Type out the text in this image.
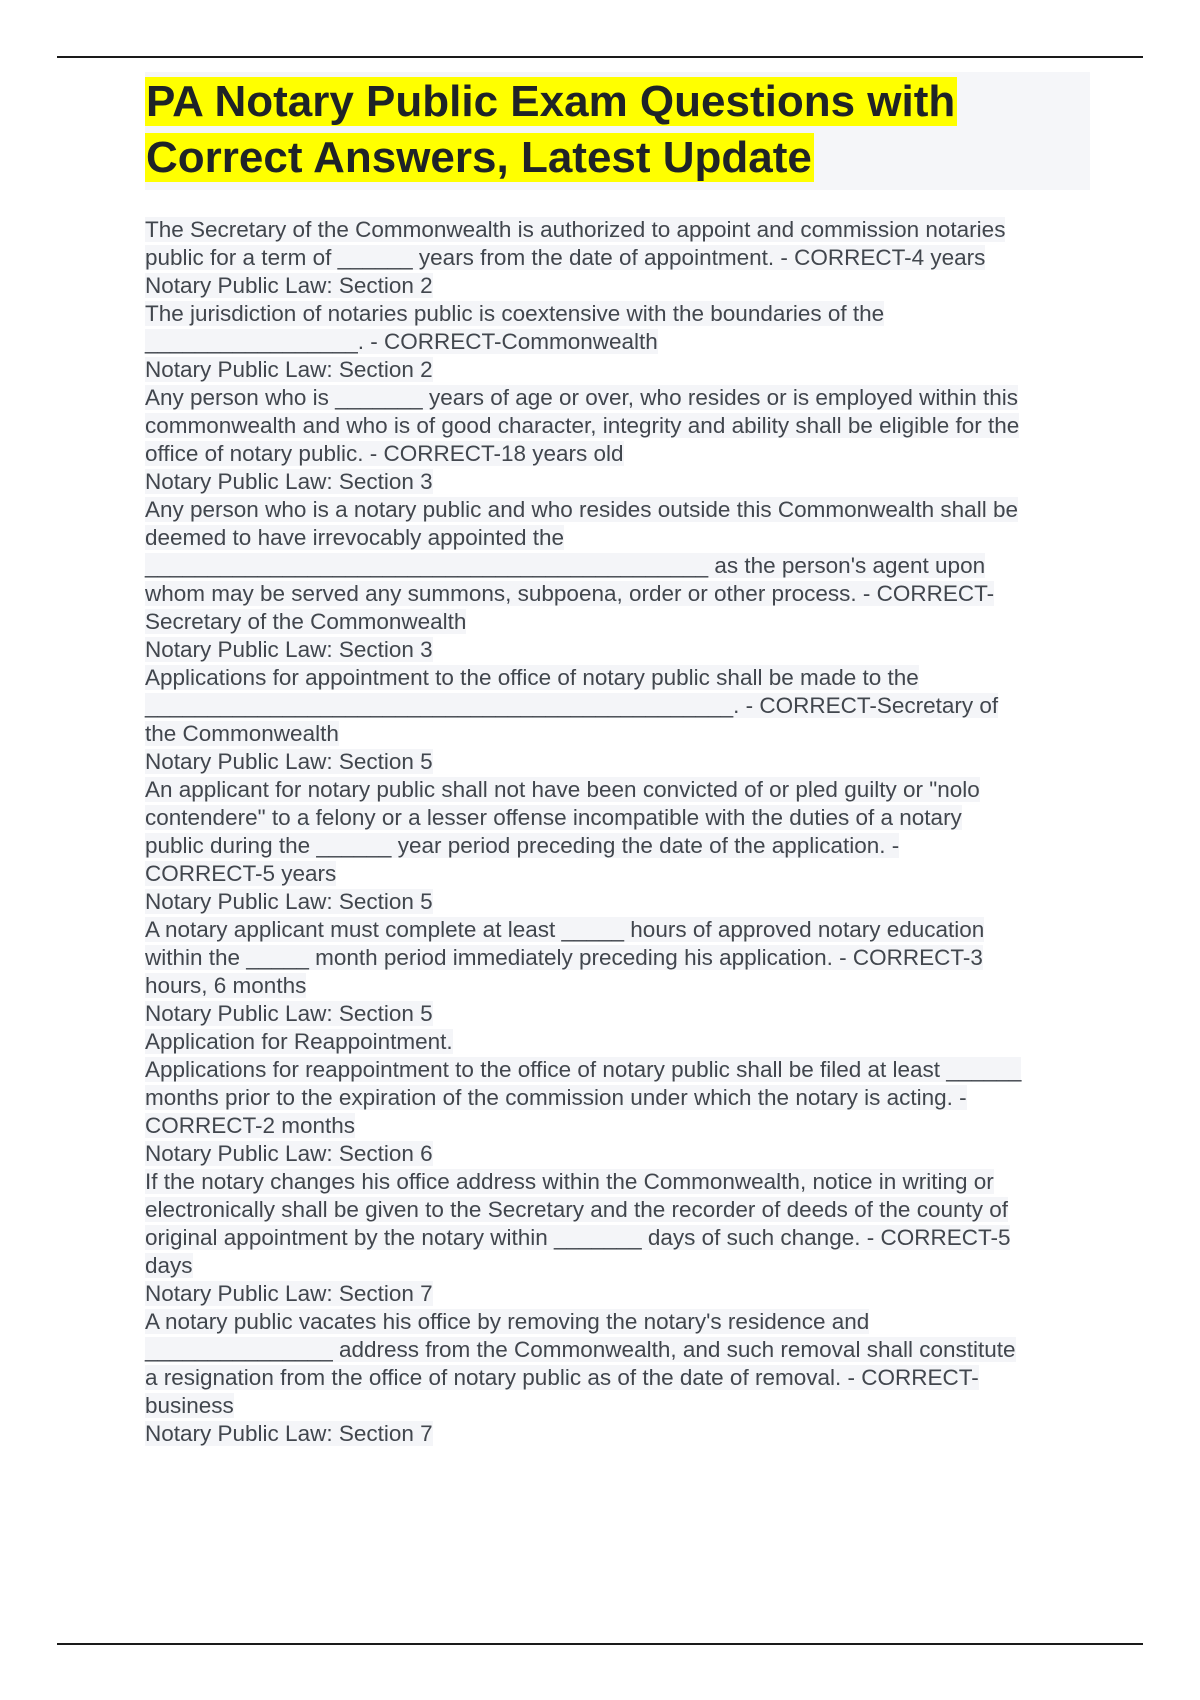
PA Notary Public Exam Questions with
Correct Answers, Latest Update
The Secretary of the Commonwealth is authorized to appoint and commission notaries
public for a term of ______ years from the date of appointment. - CORRECT-4 years
Notary Public Law: Section 2
The jurisdiction of notaries public is coextensive with the boundaries of the
_________________. - CORRECT-Commonwealth
Notary Public Law: Section 2
Any person who is _______ years of age or over, who resides or is employed within this
commonwealth and who is of good character, integrity and ability shall be eligible for the
office of notary public. - CORRECT-18 years old
Notary Public Law: Section 3
Any person who is a notary public and who resides outside this Commonwealth shall be
deemed to have irrevocably appointed the
_____________________________________________ as the person's agent upon
whom may be served any summons, subpoena, order or other process. - CORRECT-
Secretary of the Commonwealth
Notary Public Law: Section 3
Applications for appointment to the office of notary public shall be made to the
_______________________________________________. - CORRECT-Secretary of
the Commonwealth
Notary Public Law: Section 5
An applicant for notary public shall not have been convicted of or pled guilty or "nolo
contendere" to a felony or a lesser offense incompatible with the duties of a notary
public during the ______ year period preceding the date of the application. -
CORRECT-5 years
Notary Public Law: Section 5
A notary applicant must complete at least _____ hours of approved notary education
within the _____ month period immediately preceding his application. - CORRECT-3
hours, 6 months
Notary Public Law: Section 5
Application for Reappointment.
Applications for reappointment to the office of notary public shall be filed at least ______
months prior to the expiration of the commission under which the notary is acting. -
CORRECT-2 months
Notary Public Law: Section 6
If the notary changes his office address within the Commonwealth, notice in writing or
electronically shall be given to the Secretary and the recorder of deeds of the county of
original appointment by the notary within _______ days of such change. - CORRECT-5
days
Notary Public Law: Section 7
A notary public vacates his office by removing the notary's residence and
_______________ address from the Commonwealth, and such removal shall constitute
a resignation from the office of notary public as of the date of removal. - CORRECT-
business
Notary Public Law: Section 7
